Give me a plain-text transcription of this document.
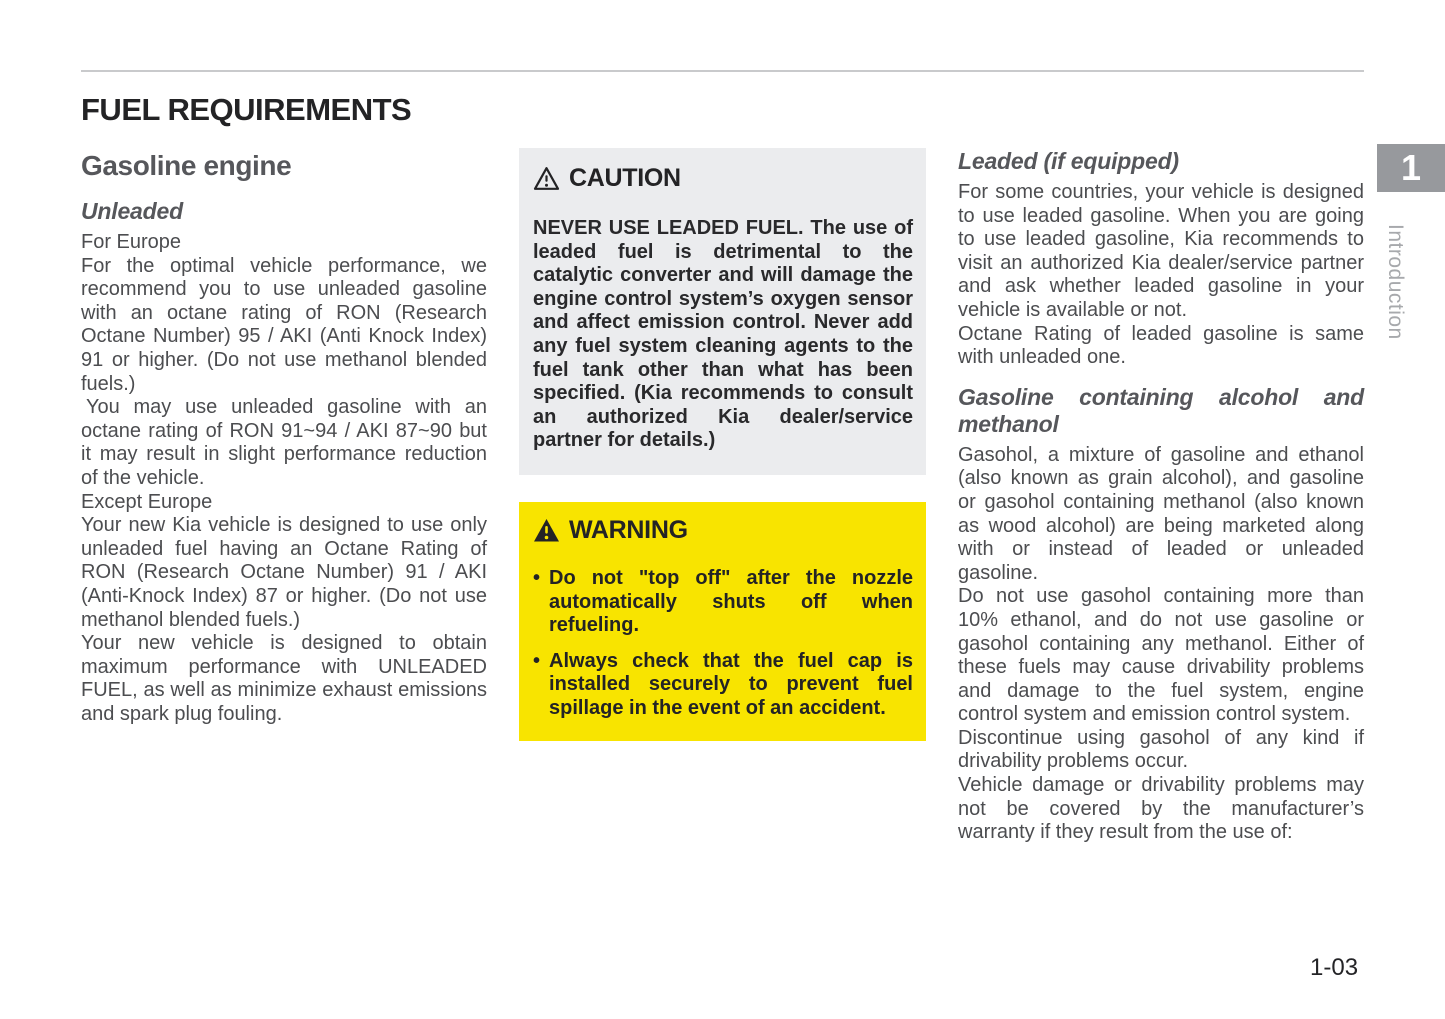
FUEL REQUIREMENTS
Gasoline engine
Unleaded

For Europe

For the optimal vehicle performance, we recommend you to use unleaded gasoline with an octane rating of RON (Research Octane Number) 95 / AKI (Anti Knock Index) 91 or higher. (Do not use methanol blended fuels.)

You may use unleaded gasoline with an octane rating of RON 91~94 / AKI 87~90 but it may result in slight performance reduction of the vehicle.

Except Europe

Your new Kia vehicle is designed to use only unleaded fuel having an Octane Rating of RON (Research Octane Number) 91 / AKI (Anti-Knock Index) 87 or higher. (Do not use methanol blended fuels.)

Your new vehicle is designed to obtain maximum performance with UNLEADED FUEL, as well as minimize exhaust emissions and spark plug fouling.

CAUTION

NEVER USE LEADED FUEL. The use of leaded fuel is detrimental to the catalytic converter and will damage the engine control system’s oxygen sensor and affect emission control. Never add any fuel system cleaning agents to the fuel tank other than what has been specified. (Kia recommends to consult an authorized Kia dealer/service partner for details.)

WARNING
• Do not "top off" after the nozzle automatically shuts off when refueling.
• Always check that the fuel cap is installed securely to prevent fuel spillage in the event of an accident.
Leaded (if equipped)

For some countries, your vehicle is designed to use leaded gasoline. When you are going to use leaded gasoline, Kia recommends to visit an authorized Kia dealer/service partner and ask whether leaded gasoline in your vehicle is available or not.

Octane Rating of leaded gasoline is same with unleaded one.

Gasoline containing alcohol and methanol

Gasohol, a mixture of gasoline and ethanol (also known as grain alcohol), and gasoline or gasohol containing methanol (also known as wood alcohol) are being marketed along with or instead of leaded or unleaded gasoline.

Do not use gasohol containing more than 10% ethanol, and do not use gasoline or gasohol containing any methanol. Either of these fuels may cause drivability problems and damage to the fuel system, engine control system and emission control system.

Discontinue using gasohol of any kind if drivability problems occur.

Vehicle damage or drivability problems may not be covered by the manufacturer’s warranty if they result from the use of:

1
Introduction
1-03
